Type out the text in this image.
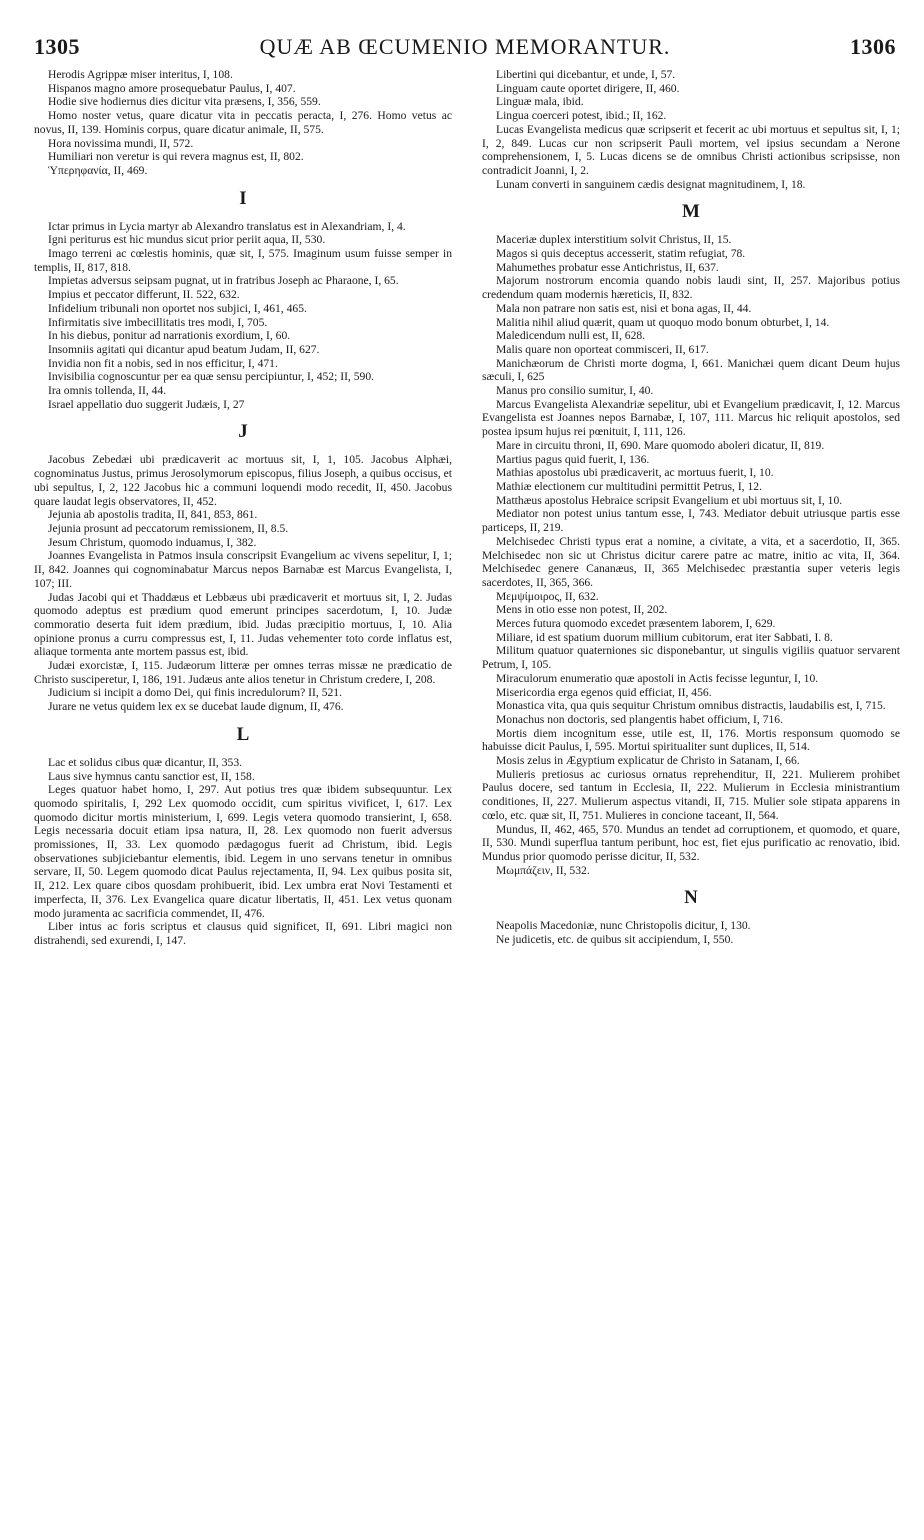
1305	QUÆ AB ŒCUMENIO MEMORANTUR.	1306

Herodis Agrippæ miser interitus, I, 108.

Hispanos magno amore prosequebatur Paulus, I, 407.

Hodie sive hodiernus dies dicitur vita præsens, I, 356, 559.

Homo noster vetus, quare dicatur vita in peccatis peracta, I, 276. Homo vetus ac novus, II, 139. Hominis corpus, quare dicatur animale, II, 575.

Hora novissima mundi, II, 572.

Humiliari non veretur is qui revera magnus est, II, 802.

Ὑπερηφανία, II, 469.

I

Ictar primus in Lycia martyr ab Alexandro translatus est in Alexandriam, I, 4.

Igni periturus est hic mundus sicut prior periit aqua, II, 530.

Imago terreni ac cœlestis hominis, quæ sit, I, 575. Imaginum usum fuisse semper in templis, II, 817, 818.

Impietas adversus seipsam pugnat, ut in fratribus Joseph ac Pharaone, I, 65.

Impius et peccator differunt, II. 522, 632.

Infidelium tribunali non oportet nos subjici, I, 461, 465.

Infirmitatis sive imbecillitatis tres modi, I, 705.

In his diebus, ponitur ad narrationis exordium, I, 60.

Insomniis agitati qui dicantur apud beatum Judam, II, 627.

Invidia non fit a nobis, sed in nos efficitur, I, 471.

Invisibilia cognoscuntur per ea quæ sensu percipiuntur, I, 452; II, 590.

Ira omnis tollenda, II, 44.

Israel appellatio duo suggerit Judæis, I, 27

J

Jacobus Zebedæi ubi prædicaverit ac mortuus sit, I, 1, 105. Jacobus Alphæi, cognominatus Justus, primus Jerosolymorum episcopus, filius Joseph, a quibus occisus, et ubi sepultus, I, 2, 122 Jacobus hic a communi loquendi modo recedit, II, 450. Jacobus quare laudat legis observatores, II, 452.

Jejunia ab apostolis tradita, II, 841, 853, 861.

Jejunia prosunt ad peccatorum remissionem, II, 8.5.

Jesum Christum, quomodo induamus, I, 382.

Joannes Evangelista in Patmos insula conscripsit Evangelium ac vivens sepelitur, I, 1; II, 842. Joannes qui cognominabatur Marcus nepos Barnabæ est Marcus Evangelista, I, 107; III.

Judas Jacobi qui et Thaddæus et Lebbæus ubi prædicaverit et mortuus sit, I, 2. Judas quomodo adeptus est prædium quod emerunt principes sacerdotum, I, 10. Judæ commoratio deserta fuit idem prædium, ibid. Judas præcipitio mortuus, I, 10. Alia opinione pronus a curru compressus est, I, 11. Judas vehementer toto corde inflatus est, aliaque tormenta ante mortem passus est, ibid.

Judæi exorcistæ, I, 115. Judæorum litteræ per omnes terras missæ ne prædicatio de Christo susciperetur, I, 186, 191. Judæus ante alios tenetur in Christum credere, I, 208.

Judicium si incipit a domo Dei, qui finis incredulorum? II, 521.

Jurare ne vetus quidem lex ex se ducebat laude dignum, II, 476.

L

Lac et solidus cibus quæ dicantur, II, 353.

Laus sive hymnus cantu sanctior est, II, 158.

Leges quatuor habet homo, I, 297. Aut potius tres quæ ibidem subsequuntur. Lex quomodo spiritalis, I, 292 Lex quomodo occidit, cum spiritus vivificet, I, 617. Lex quomodo dicitur mortis ministerium, I, 699. Legis vetera quomodo transierint, I, 658. Legis necessaria docuit etiam ipsa natura, II, 28. Lex quomodo non fuerit adversus promissiones, II, 33. Lex quomodo pædagogus fuerit ad Christum, ibid. Legis observationes subjiciebantur elementis, ibid. Legem in uno servans tenetur in omnibus servare, II, 50. Legem quomodo dicat Paulus rejectamenta, II, 94. Lex quibus posita sit, II, 212. Lex quare cibos quosdam prohibuerit, ibid. Lex umbra erat Novi Testamenti et imperfecta, II, 376. Lex Evangelica quare dicatur libertatis, II, 451. Lex vetus quonam modo juramenta ac sacrificia commendet, II, 476.

Liber intus ac foris scriptus et clausus quid significet, II, 691. Libri magici non distrahendi, sed exurendi, I, 147.

Libertini qui dicebantur, et unde, I, 57.

Linguam caute oportet dirigere, II, 460.

Linguæ mala, ibid.

Lingua coerceri potest, ibid.; II, 162.

Lucas Evangelista medicus quæ scripserit et fecerit ac ubi mortuus et sepultus sit, I, 1; I, 2, 849. Lucas cur non scripserit Pauli mortem, vel ipsius secundam a Nerone comprehensionem, I, 5. Lucas dicens se de omnibus Christi actionibus scripsisse, non contradicit Joanni, I, 2.

Lunam converti in sanguinem cædis designat magnitudinem, I, 18.

M

Maceriæ duplex interstitium solvit Christus, II, 15.

Magos si quis deceptus accesserit, statim refugiat, 78.

Mahumethes probatur esse Antichristus, II, 637.

Majorum nostrorum encomia quando nobis laudi sint, II, 257. Majoribus potius credendum quam modernis hæreticis, II, 832.

Mala non patrare non satis est, nisi et bona agas, II, 44.

Malitia nihil aliud quærit, quam ut quoquo modo bonum obturbet, I, 14.

Maledicendum nulli est, II, 628.

Malis quare non oporteat commisceri, II, 617.

Manichæorum de Christi morte dogma, I, 661. Manichæi quem dicant Deum hujus sæculi, I, 625

Manus pro consilio sumitur, I, 40.

Marcus Evangelista Alexandriæ sepelitur, ubi et Evangelium prædicavit, I, 12. Marcus Evangelista est Joannes nepos Barnabæ, I, 107, 111. Marcus hic reliquit apostolos, sed postea ipsum hujus rei pœnituit, I, 111, 126.

Mare in circuitu throni, II, 690. Mare quomodo aboleri dicatur, II, 819.

Martius pagus quid fuerit, I, 136.

Mathias apostolus ubi prædicaverit, ac mortuus fuerit, I, 10.

Mathiæ electionem cur multitudini permittit Petrus, I, 12.

Matthæus apostolus Hebraice scripsit Evangelium et ubi mortuus sit, I, 10.

Mediator non potest unius tantum esse, I, 743. Mediator debuit utriusque partis esse particeps, II, 219.

Melchisedec Christi typus erat a nomine, a civitate, a vita, et a sacerdotio, II, 365. Melchisedec non sic ut Christus dicitur carere patre ac matre, initio ac vita, II, 364. Melchisedec genere Cananæus, II, 365 Melchisedec præstantia super veteris legis sacerdotes, II, 365, 366.

Μεμψίμοιρος, II, 632.

Mens in otio esse non potest, II, 202.

Merces futura quomodo excedet præsentem laborem, I, 629.

Miliare, id est spatium duorum millium cubitorum, erat iter Sabbati, I. 8.

Militum quatuor quaterniones sic disponebantur, ut singulis vigiliis quatuor servarent Petrum, I, 105.

Miraculorum enumeratio quæ apostoli in Actis fecisse leguntur, I, 10.

Misericordia erga egenos quid efficiat, II, 456.

Monastica vita, qua quis sequitur Christum omnibus distractis, laudabilis est, I, 715.

Monachus non doctoris, sed plangentis habet officium, I, 716.

Mortis diem incognitum esse, utile est, II, 176. Mortis responsum quomodo se habuisse dicit Paulus, I, 595. Mortui spiritualiter sunt duplices, II, 514.

Mosis zelus in Ægyptium explicatur de Christo in Satanam, I, 66.

Mulieris pretiosus ac curiosus ornatus reprehenditur, II, 221. Mulierem prohibet Paulus docere, sed tantum in Ecclesia, II, 222. Mulierum in Ecclesia ministrantium conditiones, II, 227. Mulierum aspectus vitandi, II, 715. Mulier sole stipata apparens in cœlo, etc. quæ sit, II, 751. Mulieres in concione taceant, II, 564.

Mundus, II, 462, 465, 570. Mundus an tendet ad corruptionem, et quomodo, et quare, II, 530. Mundi superflua tantum peribunt, hoc est, fiet ejus purificatio ac renovatio, ibid. Mundus prior quomodo perisse dicitur, II, 532.

Μωμπάζειν, II, 532.

N

Neapolis Macedoniæ, nunc Christopolis dicitur, I, 130.

Ne judicetis, etc. de quibus sit accipiendum, I, 550.
